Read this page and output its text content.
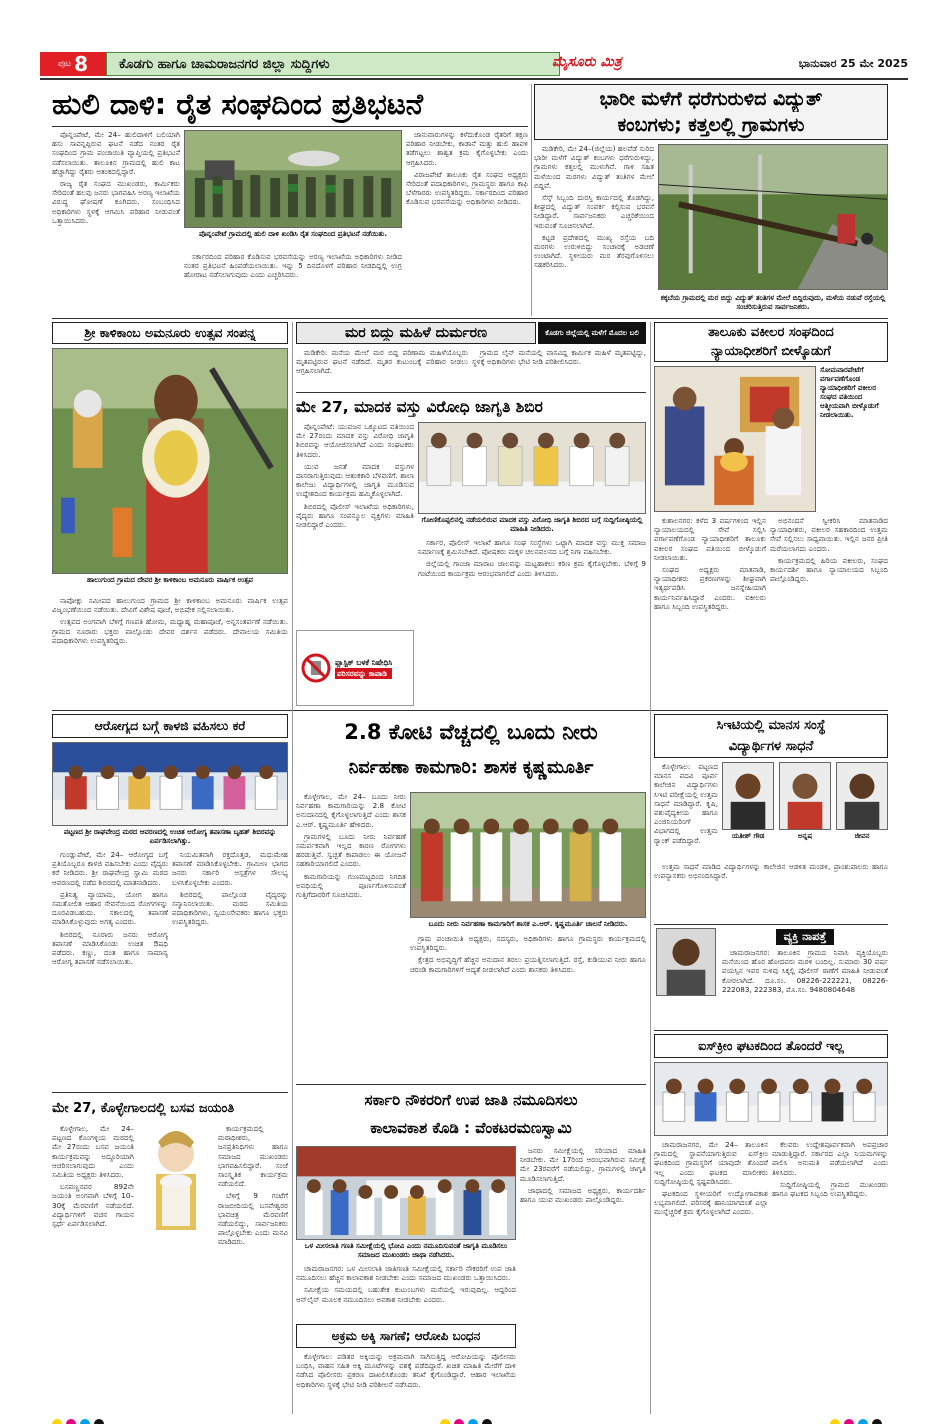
ಪುಟ 8 ಕೊಡಗು ಹಾಗೂ ಚಾಮರಾಜನಗರ ಜಿಲ್ಲಾ ಸುದ್ದಿಗಳು	ಮೈಸೂರು ಮಿತ್ರ	ಭಾನುವಾರ 25 ಮೇ 2025
ಹುಲಿ ದಾಳಿ: ರೈತ ಸಂಘದಿಂದ ಪ್ರತಿಭಟನೆ

ಪೊನ್ನಂಪೇಟೆ, ಮೇ 24– ಹುಲಿದಾಳಿಗೆ ಬಲಿಯಾಗಿ ಹಸು ಸಾವನ್ನಪ್ಪಿರುವ ಘಟನೆ ನಡೆದ ನಂತರ ರೈತ ಸಂಘದಿಂದ ಗ್ರಾಮ ಪಂಚಾಯಿತಿ ವ್ಯಾಪ್ತಿಯಲ್ಲಿ ಪ್ರತಿಭಟನೆ ನಡೆಸಲಾಯಿತು. ತಾಲೂಕಿನ ಗ್ರಾಮದಲ್ಲಿ ಹುಲಿ ಕಾಟ ಹೆಚ್ಚಾಗಿದ್ದು ರೈತರು ಆತಂಕದಲ್ಲಿದ್ದಾರೆ.

ರಾಜ್ಯ ರೈತ ಸಂಘದ ಮುಖಂಡರು, ಕಾರ್ಮಿಕರು ಸೇರಿದಂತೆ ಹಲವು ಜನರು ಭಾಗವಹಿಸಿ ಅರಣ್ಯ ಇಲಾಖೆಯ ವಿರುದ್ಧ ಘೋಷಣೆ ಕೂಗಿದರು. ಸಂಬಂಧಿಸಿದ ಅಧಿಕಾರಿಗಳು ಸ್ಥಳಕ್ಕೆ ಆಗಮಿಸಿ ಪರಿಹಾರ ನೀಡುವಂತೆ ಒತ್ತಾಯಿಸಿದರು.

ಪೊನ್ನಂಪೇಟೆ ಗ್ರಾಮದಲ್ಲಿ ಹುಲಿ ದಾಳಿ ಖಂಡಿಸಿ ರೈತ ಸಂಘದಿಂದ ಪ್ರತಿಭಟನೆ ನಡೆಯಿತು.

ಸರ್ಕಾರದಿಂದ ಪರಿಹಾರ ಕೊಡಿಸುವ ಭರವಸೆಯನ್ನು ಅರಣ್ಯ ಇಲಾಖೆಯ ಅಧಿಕಾರಿಗಳು ನೀಡಿದ ನಂತರ ಪ್ರತಿಭಟನೆ ಹಿಂಪಡೆಯಲಾಯಿತು. ಇನ್ನು 5 ದಿನದೊಳಗೆ ಪರಿಹಾರ ನೀಡದಿದ್ದಲ್ಲಿ ಉಗ್ರ ಹೋರಾಟ ನಡೆಸಲಾಗುವುದು ಎಂದು ಎಚ್ಚರಿಸಿದರು.

ಜಾನುವಾರುಗಳನ್ನು ಕಳೆದುಕೊಂಡ ರೈತರಿಗೆ ತಕ್ಷಣ ಪರಿಹಾರ ನೀಡಬೇಕು, ಕಾಡಾನೆ ಮತ್ತು ಹುಲಿ ಹಾವಳಿ ತಡೆಗಟ್ಟಲು ಶಾಶ್ವತ ಕ್ರಮ ಕೈಗೊಳ್ಳಬೇಕು ಎಂದು ಆಗ್ರಹಿಸಿದರು.

ವಿರಾಜಪೇಟೆ ತಾಲೂಕು ರೈತ ಸಂಘದ ಅಧ್ಯಕ್ಷರು ಸೇರಿದಂತೆ ಪದಾಧಿಕಾರಿಗಳು, ಗ್ರಾಮಸ್ಥರು ಹಾಗೂ ಕಾಫಿ ಬೆಳೆಗಾರರು ಉಪಸ್ಥಿತರಿದ್ದರು. ಸರ್ಕಾರದಿಂದ ಪರಿಹಾರ ಕೊಡಿಸುವ ಭರವಸೆಯನ್ನು ಅಧಿಕಾರಿಗಳು ನೀಡಿದರು.

ಭಾರೀ ಮಳೆಗೆ ಧರೆಗುರುಳಿದ ವಿದ್ಯುತ್
ಕಂಬಗಳು; ಕತ್ತಲಲ್ಲಿ ಗ್ರಾಮಗಳು

ಮಡಿಕೇರಿ, ಮೇ 24–(ಜಿಲ್ಲೆಯ) ಹಲವೆಡೆ ಸುರಿದ ಭಾರೀ ಮಳೆಗೆ ವಿದ್ಯುತ್ ಕಂಬಗಳು ಧರೆಗುರುಳಿದ್ದು, ಗ್ರಾಮಗಳು ಕತ್ತಲಲ್ಲಿ ಮುಳುಗಿವೆ. ಗಾಳಿ ಸಹಿತ ಮಳೆಯಿಂದ ಮರಗಳು ವಿದ್ಯುತ್ ತಂತಿಗಳ ಮೇಲೆ ಬಿದ್ದಿವೆ.

ಸೆಸ್ಕ್ ಸಿಬ್ಬಂದಿ ದುರಸ್ತಿ ಕಾರ್ಯದಲ್ಲಿ ತೊಡಗಿದ್ದು, ಶೀಘ್ರದಲ್ಲಿ ವಿದ್ಯುತ್ ಸಂಪರ್ಕ ಕಲ್ಪಿಸುವ ಭರವಸೆ ನೀಡಿದ್ದಾರೆ. ಸಾರ್ವಜನಿಕರು ಎಚ್ಚರಿಕೆಯಿಂದ ಇರುವಂತೆ ಸೂಚಿಸಲಾಗಿದೆ.

ಕಟ್ಟಡ ಪ್ರದೇಶದಲ್ಲಿ ಮುಖ್ಯ ರಸ್ತೆಯ ಬದಿ ಮರಗಳು ಉರುಳಿಬಿದ್ದು ಸಂಚಾರಕ್ಕೆ ಅಡಚಣೆ ಉಂಟಾಗಿದೆ. ಸ್ಥಳೀಯರು ಮರ ತೆರವುಗೊಳಿಸಲು ಸಹಕರಿಸಿದರು.

ಕಕ್ಕಬೆಯ ಗ್ರಾಮದಲ್ಲಿ ಮರ ಬಿದ್ದು ವಿದ್ಯುತ್ ತಂತಿಗಳ ಮೇಲೆ ಬಿದ್ದಿರುವುದು, ಮಳೆಯ ನಡುವೆ ರಸ್ತೆಯಲ್ಲಿ ಸಂಚರಿಸುತ್ತಿರುವ ಸಾರ್ವಜನಿಕರು.
ಶ್ರೀ ಕಾಳಿಕಾಂಬ ಅಮನೂರು ಉತ್ಸವ ಸಂಪನ್ನ
ಹಾಲುಗುಂದ ಗ್ರಾಮದ ದೇವರ ಶ್ರೀ ಕಾಳಿಕಾಂಬ ಅಮನೂರು ವಾರ್ಷಿಕ ಉತ್ಸವ

ನಾಪೋಕ್ಲು ಸಮೀಪದ ಹಾಲುಗುಂದ ಗ್ರಾಮದ ಶ್ರೀ ಕಾಳಿಕಾಂಬ ಅಮನೂರು ವಾರ್ಷಿಕ ಉತ್ಸವ ವಿಜೃಂಭಣೆಯಿಂದ ನಡೆಯಿತು. ದೇವಿಗೆ ವಿಶೇಷ ಪೂಜೆ, ಅಭಿಷೇಕ ಸಲ್ಲಿಸಲಾಯಿತು.

ಉತ್ಸವದ ಅಂಗವಾಗಿ ಬೆಳಿಗ್ಗೆ ಗಣಪತಿ ಹೋಮ, ಮಧ್ಯಾಹ್ನ ಮಹಾಪೂಜೆ, ಅನ್ನಸಂತರ್ಪಣೆ ನಡೆಯಿತು. ಗ್ರಾಮದ ನೂರಾರು ಭಕ್ತರು ಪಾಲ್ಗೊಂಡು ದೇವರ ದರ್ಶನ ಪಡೆದರು. ದೇವಾಲಯ ಸಮಿತಿಯ ಪದಾಧಿಕಾರಿಗಳು ಉಪಸ್ಥಿತರಿದ್ದರು.

ಮರ ಬಿದ್ದು ಮಹಿಳೆ ದುರ್ಮರಣ	ಕೊಡಗು ಜಿಲ್ಲೆಯಲ್ಲಿ ಮಳೆಗೆ ಮೊದಲ ಬಲಿ

ಮಡಿಕೇರಿ: ಮನೆಯ ಮೇಲೆ ಮರ ಬಿದ್ದ ಪರಿಣಾಮ ಮಹಿಳೆಯೊಬ್ಬರು ಮೃತಪಟ್ಟಿರುವ ಘಟನೆ ನಡೆದಿದೆ. ಮೃತರ ಕುಟುಂಬಕ್ಕೆ ಪರಿಹಾರ ನೀಡಲು ಆಗ್ರಹಿಸಲಾಗಿದೆ.

ಗ್ರಾಮದ ಲೈನ್ ಮನೆಯಲ್ಲಿ ವಾಸವಿದ್ದ ಕಾರ್ಮಿಕ ಮಹಿಳೆ ಮೃತಪಟ್ಟಿದ್ದು, ಸ್ಥಳಕ್ಕೆ ಅಧಿಕಾರಿಗಳು ಭೇಟಿ ನೀಡಿ ಪರಿಶೀಲಿಸಿದರು.

ಮೇ 27, ಮಾದಕ ವಸ್ತು ವಿರೋಧಿ ಜಾಗೃತಿ ಶಿಬಿರ

ಪೊನ್ನಂಪೇಟೆ: ಯುವಜನ ಒಕ್ಕೂಟದ ವತಿಯಿಂದ ಮೇ 27ರಂದು ಮಾದಕ ವಸ್ತು ವಿರೋಧಿ ಜಾಗೃತಿ ಶಿಬಿರವನ್ನು ಆಯೋಜಿಸಲಾಗಿದೆ ಎಂದು ಸಂಘಟಕರು ತಿಳಿಸಿದರು.

ಯುವ ಜನತೆ ಮಾದಕ ವಸ್ತುಗಳ ದಾಸರಾಗುತ್ತಿರುವುದು ಆತಂಕಕಾರಿ ಬೆಳವಣಿಗೆ. ಶಾಲಾ ಕಾಲೇಜು ವಿದ್ಯಾರ್ಥಿಗಳಲ್ಲಿ ಜಾಗೃತಿ ಮೂಡಿಸುವ ಉದ್ದೇಶದಿಂದ ಕಾರ್ಯಕ್ರಮ ಹಮ್ಮಿಕೊಳ್ಳಲಾಗಿದೆ.

ಶಿಬಿರದಲ್ಲಿ ಪೊಲೀಸ್ ಇಲಾಖೆಯ ಅಧಿಕಾರಿಗಳು, ವೈದ್ಯರು ಹಾಗೂ ಸಂಪನ್ಮೂಲ ವ್ಯಕ್ತಿಗಳು ಮಾಹಿತಿ ನೀಡಲಿದ್ದಾರೆ ಎಂದರು.

ಗೋಣಿಕೊಪ್ಪಲಿನಲ್ಲಿ ನಡೆಯಲಿರುವ ಮಾದಕ ವಸ್ತು ವಿರೋಧಿ ಜಾಗೃತಿ ಶಿಬಿರದ ಬಗ್ಗೆ ಸುದ್ದಿಗೋಷ್ಠಿಯಲ್ಲಿ ಮಾಹಿತಿ ನೀಡಿದರು.

ಸರ್ಕಾರ, ಪೊಲೀಸ್ ಇಲಾಖೆ ಹಾಗೂ ಸಂಘ ಸಂಸ್ಥೆಗಳು ಒಟ್ಟಾಗಿ ಮಾದಕ ವಸ್ತು ಮುಕ್ತ ಸಮಾಜ ನಿರ್ಮಾಣಕ್ಕೆ ಶ್ರಮಿಸಬೇಕಿದೆ. ಪೋಷಕರು ಮಕ್ಕಳ ಚಲನವಲನದ ಬಗ್ಗೆ ನಿಗಾ ವಹಿಸಬೇಕು.

ಜಿಲ್ಲೆಯಲ್ಲಿ ಗಾಂಜಾ ಮಾರಾಟ ಜಾಲವನ್ನು ಮಟ್ಟಹಾಕಲು ಕಠಿಣ ಕ್ರಮ ಕೈಗೊಳ್ಳಬೇಕು. ಬೆಳಿಗ್ಗೆ 9 ಗಂಟೆಯಿಂದ ಕಾರ್ಯಕ್ರಮ ಆರಂಭವಾಗಲಿದೆ ಎಂದು ತಿಳಿಸಿದರು.

ಪ್ಲಾಸ್ಟಿಕ್ ಬಳಕೆ ನಿಷೇಧಿಸಿ
ಪರಿಸರವನ್ನು ಕಾಪಾಡಿ
ತಾಲೂಕು ವಕೀಲರ ಸಂಘದಿಂದ
ನ್ಯಾಯಾಧೀಶರಿಗೆ ಬೀಳ್ಕೊಡುಗೆ
ಸೋಮವಾರಪೇಟೆಗೆ ವರ್ಗಾವಣೆಗೊಂಡ ನ್ಯಾಯಾಧೀಶರಿಗೆ ವಕೀಲರ ಸಂಘದ ವತಿಯಿಂದ ಆತ್ಮೀಯವಾಗಿ ಬೀಳ್ಕೊಡುಗೆ ನೀಡಲಾಯಿತು.

ಕುಶಾಲನಗರ: ಕಳೆದ 3 ವರ್ಷಗಳಿಂದ ಇಲ್ಲಿನ ನ್ಯಾಯಾಲಯದಲ್ಲಿ ಸೇವೆ ಸಲ್ಲಿಸಿ ವರ್ಗಾವಣೆಗೊಂಡ ನ್ಯಾಯಾಧೀಶರಿಗೆ ತಾಲೂಕು ವಕೀಲರ ಸಂಘದ ವತಿಯಿಂದ ಬೀಳ್ಕೊಡುಗೆ ನೀಡಲಾಯಿತು.

ಸಂಘದ ಅಧ್ಯಕ್ಷರು ಮಾತನಾಡಿ, ನ್ಯಾಯಾಧೀಶರು ಪ್ರಕರಣಗಳನ್ನು ಶೀಘ್ರವಾಗಿ ಇತ್ಯರ್ಥಪಡಿಸಿ ಜನಸ್ನೇಹಿಯಾಗಿ ಕಾರ್ಯನಿರ್ವಹಿಸಿದ್ದಾರೆ ಎಂದರು. ವಕೀಲರು ಹಾಗೂ ಸಿಬ್ಬಂದಿ ಉಪಸ್ಥಿತರಿದ್ದರು.

ಅಭಿನಂದನೆ ಸ್ವೀಕರಿಸಿ ಮಾತನಾಡಿದ ನ್ಯಾಯಾಧೀಶರು, ವಕೀಲರ ಸಹಕಾರದಿಂದ ಉತ್ತಮ ಸೇವೆ ಸಲ್ಲಿಸಲು ಸಾಧ್ಯವಾಯಿತು. ಇಲ್ಲಿನ ಜನರ ಪ್ರೀತಿ ಮರೆಯಲಾಗದು ಎಂದರು.

ಕಾರ್ಯಕ್ರಮದಲ್ಲಿ ಹಿರಿಯ ವಕೀಲರು, ಸಂಘದ ಕಾರ್ಯದರ್ಶಿ ಹಾಗೂ ನ್ಯಾಯಾಲಯದ ಸಿಬ್ಬಂದಿ ಪಾಲ್ಗೊಂಡಿದ್ದರು.

ಆರೋಗ್ಯದ ಬಗ್ಗೆ ಕಾಳಜಿ ವಹಿಸಲು ಕರೆ
ಪಟ್ಟಣದ ಶ್ರೀ ರಾಘವೇಂದ್ರ ಮಠದ ಆವರಣದಲ್ಲಿ ಉಚಿತ ಆರೋಗ್ಯ ತಪಾಸಣಾ ಬೃಹತ್ ಶಿಬಿರವನ್ನು ಏರ್ಪಡಿಸಲಾಗಿತ್ತು.

ಗುಂಡ್ಲುಪೇಟೆ, ಮೇ 24– ಆರೋಗ್ಯದ ಬಗ್ಗೆ ಪ್ರತಿಯೊಬ್ಬರೂ ಕಾಳಜಿ ವಹಿಸಬೇಕು ಎಂದು ವೈದ್ಯರು ಕರೆ ನೀಡಿದರು. ಶ್ರೀ ರಾಘವೇಂದ್ರ ಸ್ವಾಮಿ ಮಠದ ಆವರಣದಲ್ಲಿ ನಡೆದ ಶಿಬಿರದಲ್ಲಿ ಮಾತನಾಡಿದರು.

ಪ್ರತಿನಿತ್ಯ ವ್ಯಾಯಾಮ, ಯೋಗ ಹಾಗೂ ಸಮತೋಲಿತ ಆಹಾರ ಸೇವನೆಯಿಂದ ರೋಗಗಳನ್ನು ದೂರವಿಡಬಹುದು. ಸಕಾಲದಲ್ಲಿ ತಪಾಸಣೆ ಮಾಡಿಸಿಕೊಳ್ಳುವುದು ಅಗತ್ಯ ಎಂದರು.

ಶಿಬಿರದಲ್ಲಿ ನೂರಾರು ಜನರು ಆರೋಗ್ಯ ತಪಾಸಣೆ ಮಾಡಿಸಿಕೊಂಡು ಉಚಿತ ಔಷಧಿ ಪಡೆದರು. ಕಣ್ಣು, ದಂತ ಹಾಗೂ ಸಾಮಾನ್ಯ ಆರೋಗ್ಯ ತಪಾಸಣೆ ನಡೆಸಲಾಯಿತು.

ನಿಯಮಿತವಾಗಿ ರಕ್ತದೊತ್ತಡ, ಮಧುಮೇಹ ತಪಾಸಣೆ ಮಾಡಿಸಿಕೊಳ್ಳಬೇಕು. ಗ್ರಾಮೀಣ ಭಾಗದ ಜನರು ಸರ್ಕಾರಿ ಆಸ್ಪತ್ರೆಗಳ ಸೌಲಭ್ಯ ಬಳಸಿಕೊಳ್ಳಬೇಕು ಎಂದರು.

ಶಿಬಿರದಲ್ಲಿ ಪಾಲ್ಗೊಂಡ ವೈದ್ಯರನ್ನು ಸನ್ಮಾನಿಸಲಾಯಿತು. ಮಠದ ಸಮಿತಿಯ ಪದಾಧಿಕಾರಿಗಳು, ಸ್ವಯಂಸೇವಕರು ಹಾಗೂ ಭಕ್ತರು ಉಪಸ್ಥಿತರಿದ್ದರು.

ಮೇ 27, ಕೊಳ್ಳೇಗಾಲದಲ್ಲಿ ಬಸವ ಜಯಂತಿ

ಕೊಳ್ಳೇಗಾಲ, ಮೇ 24– ಪಟ್ಟಣದ ಕೊಂಗಳ್ಳಿಯ ಮಠದಲ್ಲಿ ಮೇ 27ರಂದು ಬಸವ ಜಯಂತಿ ಕಾರ್ಯಕ್ರಮವನ್ನು ಅದ್ದೂರಿಯಾಗಿ ಆಚರಿಸಲಾಗುವುದು ಎಂದು ಸಮಿತಿಯ ಅಧ್ಯಕ್ಷರು ತಿಳಿಸಿದರು.

ಬಸವಣ್ಣನವರ 892ನೇ ಜಯಂತಿ ಅಂಗವಾಗಿ ಬೆಳಿಗ್ಗೆ 10–30ಕ್ಕೆ ಮೆರವಣಿಗೆ ನಡೆಯಲಿದೆ. ವಿದ್ಯಾರ್ಥಿಗಳಿಗೆ ವಚನ ಗಾಯನ ಸ್ಪರ್ಧೆ ಏರ್ಪಡಿಸಲಾಗಿದೆ.

ಕಾರ್ಯಕ್ರಮದಲ್ಲಿ ಮಠಾಧೀಶರು, ಜನಪ್ರತಿನಿಧಿಗಳು ಹಾಗೂ ಸಮಾಜದ ಮುಖಂಡರು ಭಾಗವಹಿಸಲಿದ್ದಾರೆ. ಸಂಜೆ ಸಾಂಸ್ಕೃತಿಕ ಕಾರ್ಯಕ್ರಮ ನಡೆಯಲಿದೆ.

ಬೆಳಿಗ್ಗೆ 9 ಗಂಟೆಗೆ ರಾಜಬೀದಿಯಲ್ಲಿ ಬಸವೇಶ್ವರರ ಭಾವಚಿತ್ರ ಮೆರವಣಿಗೆ ನಡೆಯಲಿದ್ದು, ಸಾರ್ವಜನಿಕರು ಪಾಲ್ಗೊಳ್ಳಬೇಕು ಎಂದು ಮನವಿ ಮಾಡಿದರು.

2.8 ಕೋಟಿ ವೆಚ್ಚದಲ್ಲಿ ಬೂದು ನೀರು
ನಿರ್ವಹಣಾ ಕಾಮಗಾರಿ: ಶಾಸಕ ಕೃಷ್ಣಮೂರ್ತಿ

ಕೊಳ್ಳೇಗಾಲ, ಮೇ 24– ಬೂದು ನೀರು ನಿರ್ವಹಣಾ ಕಾಮಗಾರಿಯನ್ನು 2.8 ಕೋಟಿ ಅನುದಾನದಲ್ಲಿ ಕೈಗೊಳ್ಳಲಾಗುತ್ತಿದೆ ಎಂದು ಶಾಸಕ ಎ.ಆರ್. ಕೃಷ್ಣಮೂರ್ತಿ ಹೇಳಿದರು.

ಗ್ರಾಮಗಳಲ್ಲಿ ಬೂದು ನೀರು ನಿರ್ವಹಣೆ ಸಮರ್ಪಕವಾಗಿ ಇಲ್ಲದ ಕಾರಣ ರೋಗಗಳು ಹರಡುತ್ತಿವೆ. ಸ್ವಚ್ಛತೆ ಕಾಪಾಡಲು ಈ ಯೋಜನೆ ಸಹಕಾರಿಯಾಗಲಿದೆ ಎಂದರು.

ಕಾಮಗಾರಿಯನ್ನು ಗುಣಮಟ್ಟದಿಂದ ನಿಗದಿತ ಅವಧಿಯಲ್ಲಿ ಪೂರ್ಣಗೊಳಿಸುವಂತೆ ಗುತ್ತಿಗೆದಾರರಿಗೆ ಸೂಚಿಸಿದರು.

ಬೂದು ನೀರು ನಿರ್ವಹಣಾ ಕಾಮಗಾರಿಗೆ ಶಾಸಕ ಎ.ಆರ್. ಕೃಷ್ಣಮೂರ್ತಿ ಚಾಲನೆ ನೀಡಿದರು.

ಗ್ರಾಮ ಪಂಚಾಯಿತಿ ಅಧ್ಯಕ್ಷರು, ಸದಸ್ಯರು, ಅಧಿಕಾರಿಗಳು ಹಾಗೂ ಗ್ರಾಮಸ್ಥರು ಕಾರ್ಯಕ್ರಮದಲ್ಲಿ ಉಪಸ್ಥಿತರಿದ್ದರು.

ಕ್ಷೇತ್ರದ ಅಭಿವೃದ್ಧಿಗೆ ಹೆಚ್ಚಿನ ಅನುದಾನ ತರಲು ಪ್ರಯತ್ನಿಸಲಾಗುತ್ತಿದೆ. ರಸ್ತೆ, ಕುಡಿಯುವ ನೀರು ಹಾಗೂ ಚರಂಡಿ ಕಾಮಗಾರಿಗಳಿಗೆ ಆದ್ಯತೆ ನೀಡಲಾಗಿದೆ ಎಂದು ಶಾಸಕರು ತಿಳಿಸಿದರು.

ಸರ್ಕಾರಿ ನೌಕರರಿಗೆ ಉಪ ಜಾತಿ ನಮೂದಿಸಲು
ಕಾಲಾವಕಾಶ ಕೊಡಿ : ವೆಂಕಟರಮಣಸ್ವಾಮಿ
ಒಳ ಮೀಸಲಾತಿ ಗಣತಿ ಸಮೀಕ್ಷೆಯಲ್ಲಿ ಭೋವಿ ಎಂದು ನಮೂದಿಸುವಂತೆ ಜಾಗೃತಿ ಮೂಡಿಸಲು ಸಮಾಜದ ಮುಖಂಡರು ಜಾಥಾ ನಡೆಸಿದರು.

ಚಾಮರಾಜನಗರ: ಒಳ ಮೀಸಲಾತಿ ಜಾತಿಗಣತಿ ಸಮೀಕ್ಷೆಯಲ್ಲಿ ಸರ್ಕಾರಿ ನೌಕರರಿಗೆ ಉಪ ಜಾತಿ ನಮೂದಿಸಲು ಹೆಚ್ಚಿನ ಕಾಲಾವಕಾಶ ನೀಡಬೇಕು ಎಂದು ಸಮಾಜದ ಮುಖಂಡರು ಒತ್ತಾಯಿಸಿದರು.

ಸಮೀಕ್ಷೆಯ ಸಮಯದಲ್ಲಿ ಬಹುತೇಕ ಕುಟುಂಬಗಳು ಮನೆಯಲ್ಲಿ ಇರುವುದಿಲ್ಲ. ಆದ್ದರಿಂದ ಆನ್‌ಲೈನ್ ಮೂಲಕ ನಮೂದಿಸಲು ಅವಕಾಶ ನೀಡಬೇಕು ಎಂದರು.

ಜನರು ಸಮೀಕ್ಷೆಯಲ್ಲಿ ಸರಿಯಾದ ಮಾಹಿತಿ ನೀಡಬೇಕು. ಮೇ 17ರಿಂದ ಆರಂಭವಾಗಿರುವ ಸಮೀಕ್ಷೆ ಮೇ 23ರವರೆಗೆ ನಡೆಯಲಿದ್ದು, ಗ್ರಾಮಗಳಲ್ಲಿ ಜಾಗೃತಿ ಮೂಡಿಸಲಾಗುತ್ತಿದೆ.

ಜಾಥಾದಲ್ಲಿ ಸಮಾಜದ ಅಧ್ಯಕ್ಷರು, ಕಾರ್ಯದರ್ಶಿ ಹಾಗೂ ಯುವ ಮುಖಂಡರು ಪಾಲ್ಗೊಂಡಿದ್ದರು.

ಅಕ್ರಮ ಅಕ್ಕಿ ಸಾಗಣೆ; ಆರೋಪಿ ಬಂಧನ

ಕೊಳ್ಳೇಗಾಲ: ಪಡಿತರ ಅಕ್ಕಿಯನ್ನು ಅಕ್ರಮವಾಗಿ ಸಾಗಿಸುತ್ತಿದ್ದ ಆರೋಪಿಯನ್ನು ಪೊಲೀಸರು ಬಂಧಿಸಿ, ವಾಹನ ಸಹಿತ ಅಕ್ಕಿ ಮೂಟೆಗಳನ್ನು ವಶಕ್ಕೆ ಪಡೆದಿದ್ದಾರೆ. ಖಚಿತ ಮಾಹಿತಿ ಮೇರೆಗೆ ದಾಳಿ ನಡೆಸಿದ ಪೊಲೀಸರು ಪ್ರಕರಣ ದಾಖಲಿಸಿಕೊಂಡು ತನಿಖೆ ಕೈಗೊಂಡಿದ್ದಾರೆ. ಆಹಾರ ಇಲಾಖೆಯ ಅಧಿಕಾರಿಗಳು ಸ್ಥಳಕ್ಕೆ ಭೇಟಿ ನೀಡಿ ಪರಿಶೀಲನೆ ನಡೆಸಿದರು.

ಸಿಇಟಿಯಲ್ಲಿ ಮಾನಸ ಸಂಸ್ಥೆ
ವಿದ್ಯಾರ್ಥಿಗಳ ಸಾಧನೆ

ಕೊಳ್ಳೇಗಾಲ: ಪಟ್ಟಣದ ಮಾನಸ ಪದವಿ ಪೂರ್ವ ಕಾಲೇಜಿನ ವಿದ್ಯಾರ್ಥಿಗಳು ಸಿಇಟಿ ಪರೀಕ್ಷೆಯಲ್ಲಿ ಉತ್ತಮ ಸಾಧನೆ ಮಾಡಿದ್ದಾರೆ. ಕೃಷಿ, ಪಶುವೈದ್ಯಕೀಯ ಹಾಗೂ ಎಂಜಿನಿಯರಿಂಗ್ ವಿಭಾಗದಲ್ಲಿ ಉತ್ತಮ ರ‍್ಯಾಂಕ್ ಪಡೆದಿದ್ದಾರೆ.	ಯತೀಶ್ ಗೌಡ	ಅನ್ನಷ	ಜೀವನ

ಉತ್ತಮ ಸಾಧನೆ ಮಾಡಿದ ವಿದ್ಯಾರ್ಥಿಗಳನ್ನು ಕಾಲೇಜಿನ ಆಡಳಿತ ಮಂಡಳಿ, ಪ್ರಾಂಶುಪಾಲರು ಹಾಗೂ ಉಪನ್ಯಾಸಕರು ಅಭಿನಂದಿಸಿದ್ದಾರೆ.

ವ್ಯಕ್ತಿ ನಾಪತ್ತೆ

ಚಾಮರಾಜನಗರ: ತಾಲೂಕಿನ ಗ್ರಾಮದ ನಿವಾಸಿ ವ್ಯಕ್ತಿಯೊಬ್ಬರು ಮನೆಯಿಂದ ಹೊರ ಹೋದವರು ಮರಳಿ ಬಂದಿಲ್ಲ. ಸುಮಾರು 30 ವರ್ಷ ವಯಸ್ಸಿನ ಇವರ ಸುಳಿವು ಸಿಕ್ಕಲ್ಲಿ ಪೊಲೀಸ್ ಠಾಣೆಗೆ ಮಾಹಿತಿ ನೀಡುವಂತೆ ಕೋರಲಾಗಿದೆ. ದೂ.ಸಂ. 08226-222221, 08226-222083, 222383, ಮೊ.ಸಂ. 9480804648

ಐಸ್‌ಕ್ರೀಂ ಘಟಕದಿಂದ ತೊಂದರೆ ಇಲ್ಲ

ಚಾಮರಾಜನಗರ, ಮೇ 24– ತಾಲೂಕಿನ ಗ್ರಾಮದಲ್ಲಿ ಸ್ಥಾಪನೆಯಾಗುತ್ತಿರುವ ಐಸ್‌ಕ್ರೀಂ ಘಟಕದಿಂದ ಗ್ರಾಮಸ್ಥರಿಗೆ ಯಾವುದೇ ತೊಂದರೆ ಇಲ್ಲ ಎಂದು ಘಟಕದ ಮಾಲೀಕರು ಸುದ್ದಿಗೋಷ್ಠಿಯಲ್ಲಿ ಸ್ಪಷ್ಟಪಡಿಸಿದರು.

ಘಟಕದಿಂದ ಸ್ಥಳೀಯರಿಗೆ ಉದ್ಯೋಗಾವಕಾಶ ಲಭ್ಯವಾಗಲಿದೆ. ಪರಿಸರಕ್ಕೆ ಹಾನಿಯಾಗದಂತೆ ಎಲ್ಲಾ ಮುನ್ನೆಚ್ಚರಿಕೆ ಕ್ರಮ ಕೈಗೊಳ್ಳಲಾಗಿದೆ ಎಂದರು.

ಕೆಲವರು ಉದ್ದೇಶಪೂರ್ವಕವಾಗಿ ಅಪಪ್ರಚಾರ ಮಾಡುತ್ತಿದ್ದಾರೆ. ಸರ್ಕಾರದ ಎಲ್ಲಾ ನಿಯಮಗಳನ್ನು ಪಾಲಿಸಿ ಅನುಮತಿ ಪಡೆಯಲಾಗಿದೆ ಎಂದು ತಿಳಿಸಿದರು.

ಸುದ್ದಿಗೋಷ್ಠಿಯಲ್ಲಿ ಗ್ರಾಮದ ಮುಖಂಡರು ಹಾಗೂ ಘಟಕದ ಸಿಬ್ಬಂದಿ ಉಪಸ್ಥಿತರಿದ್ದರು.
